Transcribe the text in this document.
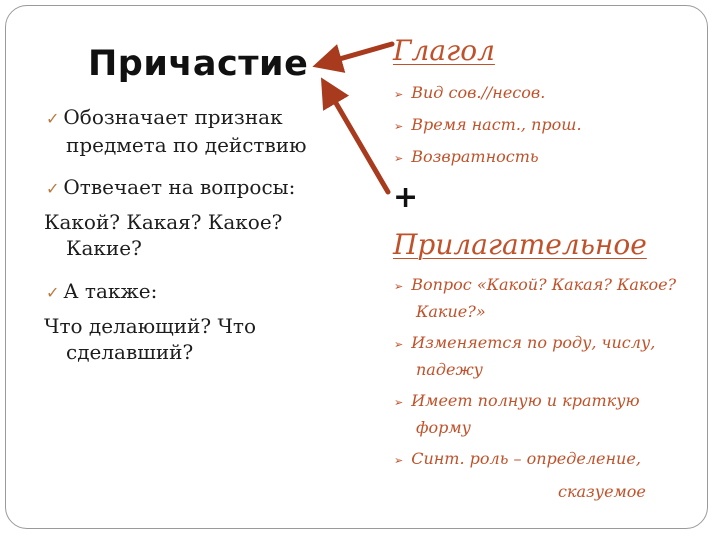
Причастие
✓ Обозначает признак
предмета по действию
✓ Отвечает на вопросы:
Какой? Какая? Какое?
Какие?
✓ А также:
Что делающий? Что
сделавший?
Глагол
➢ Вид сов.//несов.
➢ Время наст., прош.
➢ Возвратность
+
Прилагательное
➢ Вопрос «Какой? Какая? Какое?
Какие?»
➢ Изменяется по роду, числу,
падежу
➢ Имеет полную и краткую
форму
➢ Синт. роль – определение,
сказуемое
